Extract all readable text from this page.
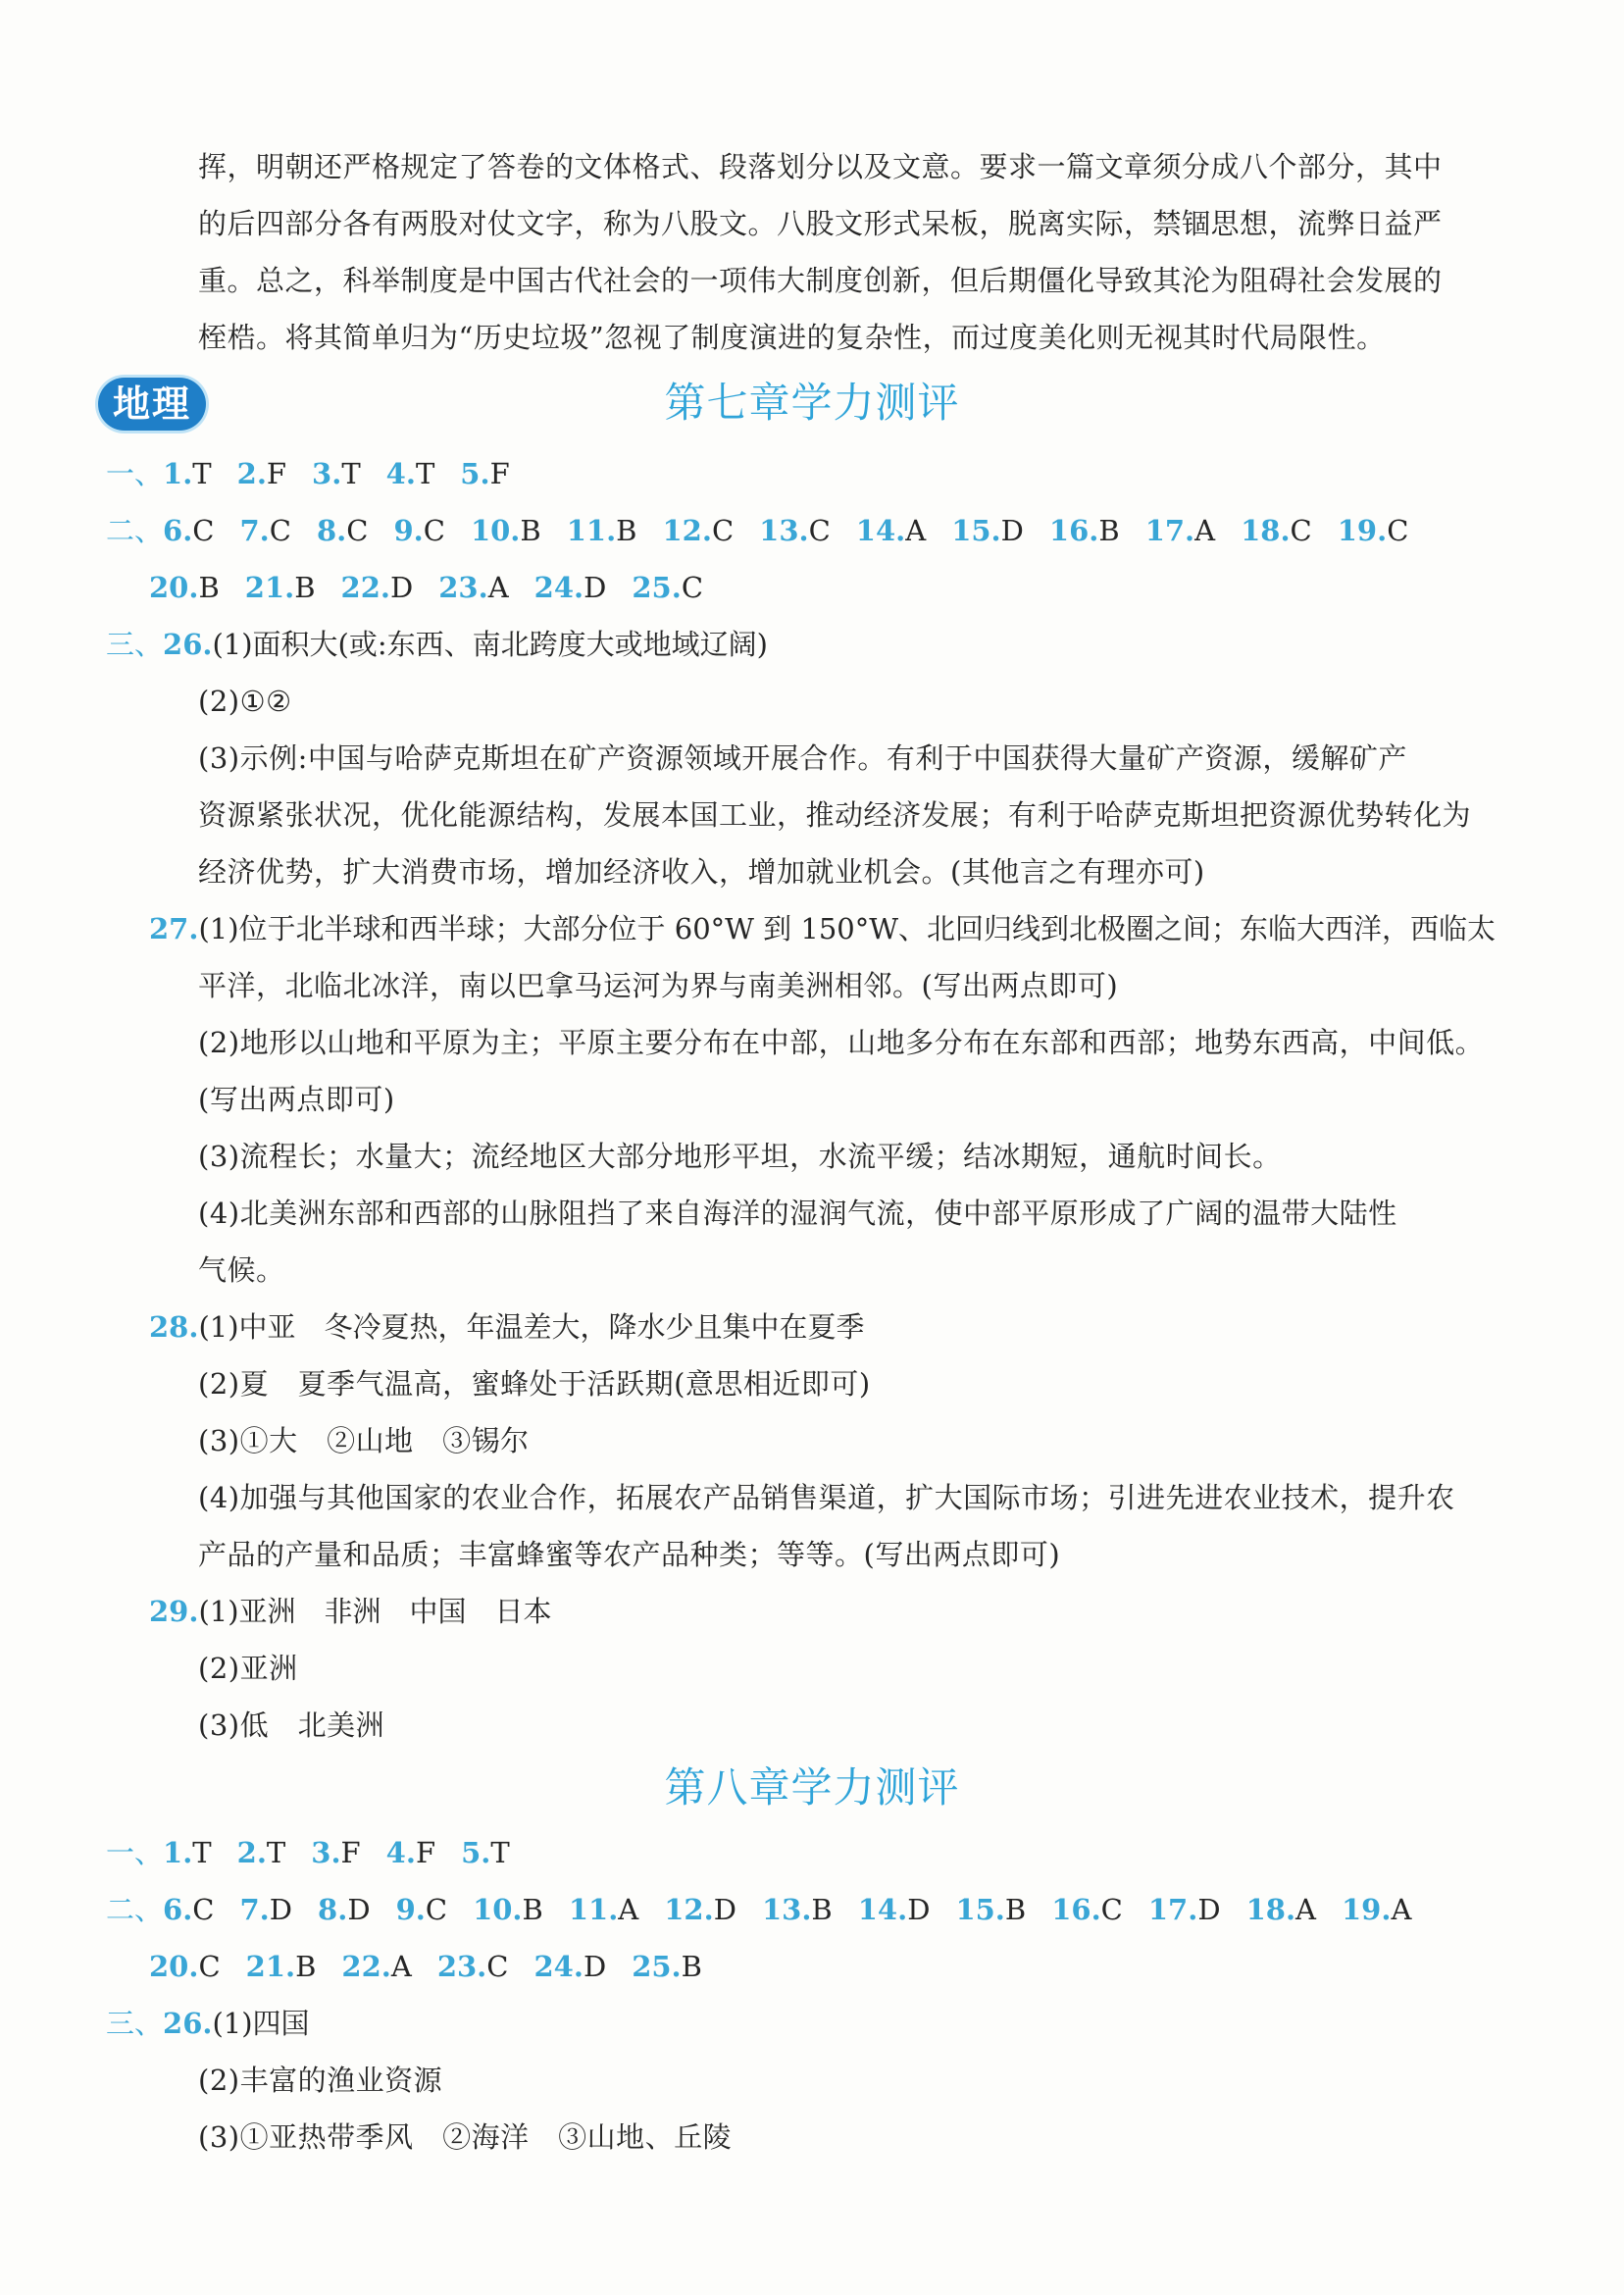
挥，明朝还严格规定了答卷的文体格式、段落划分以及文意。要求一篇文章须分成八个部分，其中
的后四部分各有两股对仗文字，称为八股文。八股文形式呆板，脱离实际，禁锢思想，流弊日益严
重。总之，科举制度是中国古代社会的一项伟大制度创新，但后期僵化导致其沦为阻碍社会发展的
桎梏。将其简单归为“历史垃圾”忽视了制度演进的复杂性，而过度美化则无视其时代局限性。
地理	第七章学力测评
一、1.T 2.F 3.T 4.T 5.F
二、6.C 7.C 8.C 9.C 10.B 11.B 12.C 13.C 14.A 15.D 16.B 17.A 18.C 19.C
20.B 21.B 22.D 23.A 24.D 25.C
三、26.(1)面积大(或:东西、南北跨度大或地域辽阔)
(2)①②
(3)示例:中国与哈萨克斯坦在矿产资源领域开展合作。有利于中国获得大量矿产资源，缓解矿产
资源紧张状况，优化能源结构，发展本国工业，推动经济发展；有利于哈萨克斯坦把资源优势转化为
经济优势，扩大消费市场，增加经济收入，增加就业机会。(其他言之有理亦可)
27.(1)位于北半球和西半球；大部分位于 60°W 到 150°W、北回归线到北极圈之间；东临大西洋，西临太
平洋，北临北冰洋，南以巴拿马运河为界与南美洲相邻。(写出两点即可)
(2)地形以山地和平原为主；平原主要分布在中部，山地多分布在东部和西部；地势东西高，中间低。
(写出两点即可)
(3)流程长；水量大；流经地区大部分地形平坦，水流平缓；结冰期短，通航时间长。
(4)北美洲东部和西部的山脉阻挡了来自海洋的湿润气流，使中部平原形成了广阔的温带大陆性
气候。
28.(1)中亚　冬冷夏热，年温差大，降水少且集中在夏季
(2)夏　夏季气温高，蜜蜂处于活跃期(意思相近即可)
(3)①大　②山地　③锡尔
(4)加强与其他国家的农业合作，拓展农产品销售渠道，扩大国际市场；引进先进农业技术，提升农
产品的产量和品质；丰富蜂蜜等农产品种类；等等。(写出两点即可)
29.(1)亚洲　非洲　中国　日本
(2)亚洲
(3)低　北美洲
第八章学力测评
一、1.T 2.T 3.F 4.F 5.T
二、6.C 7.D 8.D 9.C 10.B 11.A 12.D 13.B 14.D 15.B 16.C 17.D 18.A 19.A
20.C 21.B 22.A 23.C 24.D 25.B
三、26.(1)四国
(2)丰富的渔业资源
(3)①亚热带季风　②海洋　③山地、丘陵
